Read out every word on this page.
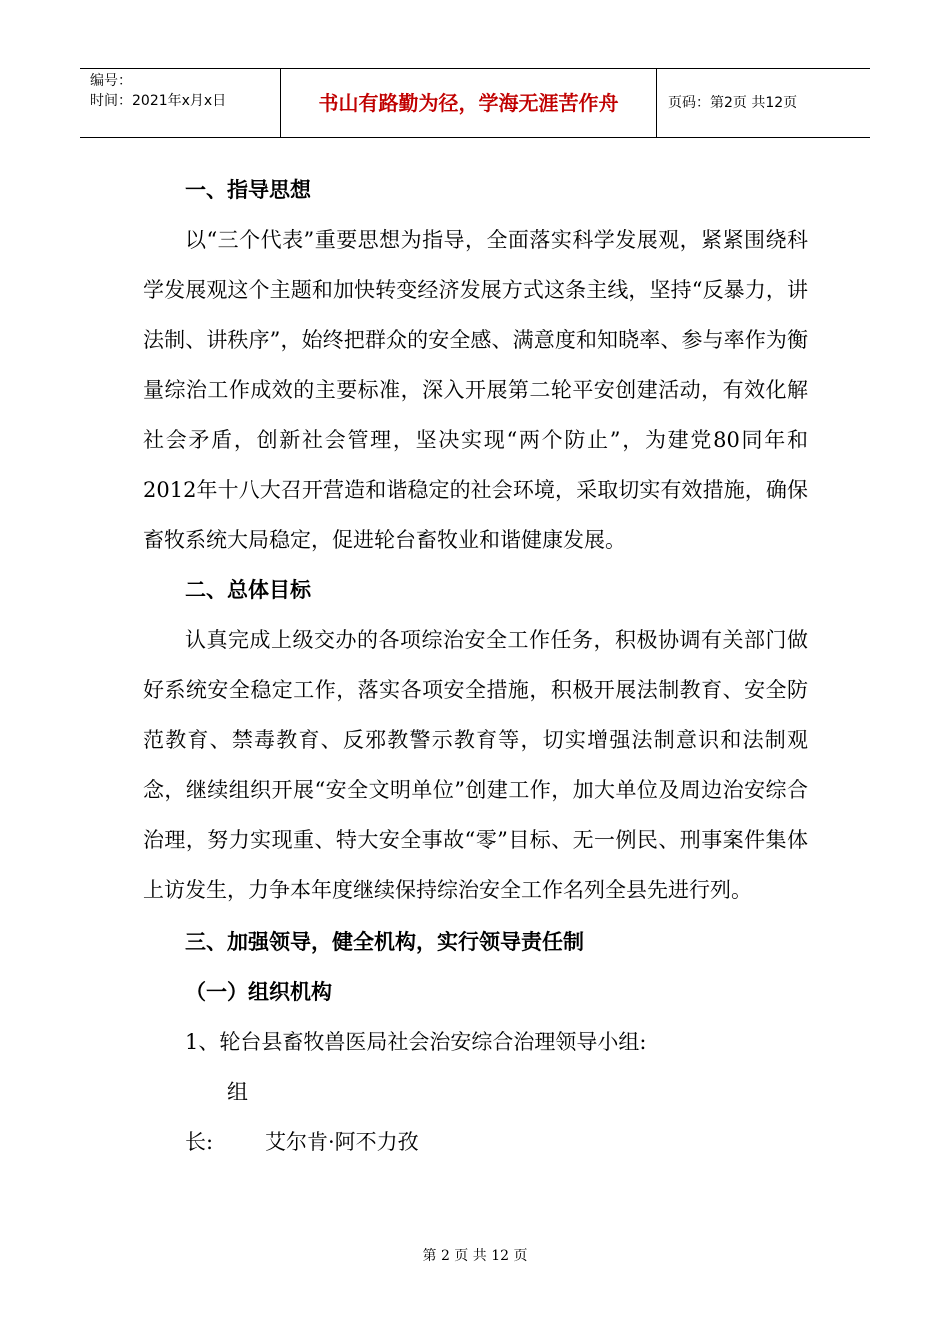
编号：
时间：2021年x月x日	书山有路勤为径，学海无涯苦作舟	页码：第2页 共12页

一、指导思想

以“三个代表”重要思想为指导，全面落实科学发展观，紧紧围绕科学发展观这个主题和加快转变经济发展方式这条主线，坚持“反暴力，讲法制、讲秩序”，始终把群众的安全感、满意度和知晓率、参与率作为衡量综治工作成效的主要标准，深入开展第二轮平安创建活动，有效化解社会矛盾，创新社会管理，坚决实现“两个防止”，为建党80同年和2012年十八大召开营造和谐稳定的社会环境，采取切实有效措施，确保畜牧系统大局稳定，促进轮台畜牧业和谐健康发展。

二、总体目标

认真完成上级交办的各项综治安全工作任务，积极协调有关部门做好系统安全稳定工作，落实各项安全措施，积极开展法制教育、安全防范教育、禁毒教育、反邪教警示教育等，切实增强法制意识和法制观念，继续组织开展“安全文明单位”创建工作，加大单位及周边治安综合治理，努力实现重、特大安全事故“零”目标、无一例民、刑事案件集体上访发生，力争本年度继续保持综治安全工作名列全县先进行列。

三、加强领导，健全机构，实行领导责任制

（一）组织机构

1、轮台县畜牧兽医局社会治安综合治理领导小组:

组　长: 艾尔肯·阿不力孜

第 2 页 共 12 页
